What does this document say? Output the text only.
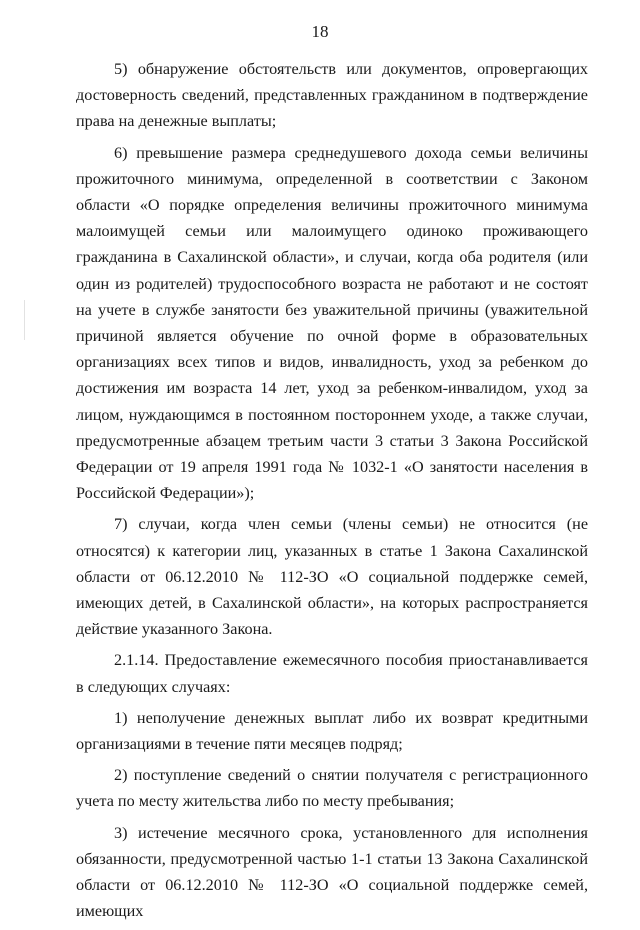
18

5) обнаружение обстоятельств или документов, опровергающих достоверность сведений, представленных гражданином в подтверждение права на денежные выплаты;

6) превышение размера среднедушевого дохода семьи величины прожиточного минимума, определенной в соответствии с Законом области «О порядке определения величины прожиточного минимума малоимущей семьи или малоимущего одиноко проживающего гражданина в Сахалинской области», и случаи, когда оба родителя (или один из родителей) трудоспособного возраста не работают и не состоят на учете в службе занятости без уважительной причины (уважительной причиной является обучение по очной форме в образовательных организациях всех типов и видов, инвалидность, уход за ребенком до достижения им возраста 14 лет, уход за ребенком-инвалидом, уход за лицом, нуждающимся в постоянном постороннем уходе, а также случаи, предусмотренные абзацем третьим части 3 статьи 3 Закона Российской Федерации от 19 апреля 1991 года № 1032-1 «О занятости населения в Российской Федерации»);

7) случаи, когда член семьи (члены семьи) не относится (не относятся) к категории лиц, указанных в статье 1 Закона Сахалинской области от 06.12.2010 № 112-ЗО «О социальной поддержке семей, имеющих детей, в Сахалинской области», на которых распространяется действие указанного Закона.

2.1.14. Предоставление ежемесячного пособия приостанавливается в следующих случаях:

1) неполучение денежных выплат либо их возврат кредитными организациями в течение пяти месяцев подряд;

2) поступление сведений о снятии получателя с регистрационного учета по месту жительства либо по месту пребывания;

3) истечение месячного срока, установленного для исполнения обязанности, предусмотренной частью 1-1 статьи 13 Закона Сахалинской области от 06.12.2010 № 112-ЗО «О социальной поддержке семей, имеющих
